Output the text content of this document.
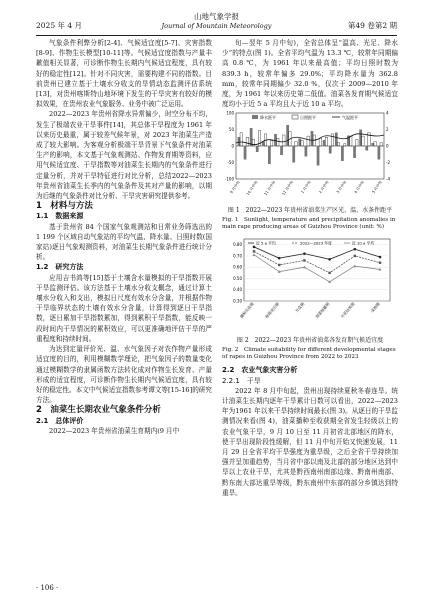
山地气象学报
Journal of Mountain Meteorology
2025 年 4 月	第49 卷第2 期

气象条件利弊分析[2-4]、气候适宜度[5-7]、灾害指数[8-9]、作物生长模型[10-11]等。气候适宜度指数与产量丰歉值相关显著，可诊断作物生长期内气候适宜程度，具有较好的稳定性[12]。针对不同灾害，需要构建不同的指数。目前贵州已建立基于土壤水分收支的旱情动态监测评估系统[13]，对贵州喀斯特山地环境下发生的干旱灾害有较好的模拟效果，在贵州农业气象服务、业务中被广泛运用。

2022—2023 年贵州省降水异常偏少，时空分布不均，发生了极端农业干旱事件[14]，其总体干旱程度为 1961 年以来历史最重，属于较差气候年景，对 2023 年油菜生产造成了较大影响。为客观分析极端干旱背景下气象条件对油菜生产的影响，本文基于气象观测站、作物发育期等资料，应用气候适宜度、干旱指数等对油菜生长期内的气象条件进行定量分析，并对干旱特征进行对比分析，总结2022—2023 年贵州省油菜生长季内的气象条件及其对产量的影响，以期为后继的气象条件对比分析、干旱灾害研究提供参考。

1　材料与方法

1.1　数据来源

基于贵州省 84 个国家气象观测站和日常业务筛选出的 1 199 个区域自动气象站的平均气温、降水量、日照时数(国家站)逐日气象观测资料，对油菜生长期气象条件进行统计分析。

1.2　研究方法

应用吉书鸿等[15]基于土壤含水量模拟的干旱指数开展干旱监测评估。该方法基于土壤水分收支概念，通过计算土壤水分收入和支出，模拟日尺度有效水分含量，并根据作物干旱临界状态的土壤有效水分含量，计算得到逐日干旱指数，逐日累加干旱指数累加，得到累积干旱指数，能反映一段时间内干旱情况的累积效应，可以更准确地评估干旱的严重程度和持续时间。

为达到定量评价光、温、水气象因子对农作物产量形成适宜度的目的，利用模糊数学理论，把气象因子的数量变化通过模糊数学的隶属函数方法转化成对作物生长发育、产量形成的适宜程度，可诊断作物生长期内气候适宜度，具有较好的稳定性。本文中气候适宜指数参考谭文等[15-16]的研究方法。

2　油菜生长期农业气象条件分析

2.1　总体评价

2022—2023 年贵州省油菜生育期内(9 月中

旬—翌年 5 月中旬)，全省总体呈“温高、光足、降水少”的特点(图 1)。全省平均气温为 13.3 ℃，较常年同期偏高 0.8 ℃，为 1961 年以来最高值；平均日照时数为 839.3 h，较常年偏多 29.0%；平均降水量为 362.8 mm，较常年同期偏少 32.0 %，仅次于 2009—2010 年度，为 1961 年以来历史第二低值。油菜各发育期气候适宜度均小于近 5 a 平均且大于近 10 a 平均。

100
50
0
-50
-100
4
2
0
-2
-4
9 月中旬 10 月中旬 11 月中旬 12 月中旬 1 月中旬 2 月中旬 3 月中旬 4 月中旬 5 月中旬
降水距平	日照距平	气温距平
图 1　2022—2023 年贵州省油菜生产区光、温、水条件距平
Fig. 1　Sunlight, temperature and precipitation anomalies in main rape producing areas of Guizhou Province (unit: %)
0.80
0.70
0.60
0.50
0.40
0.30
播种出苗期 移栽成活期	开盘期 现蕾抽薹期 开花结荚期	成熟期
近 5 a 平均	2022—2023 年度	近 10 a 平均
图 2　2022—2023 年贵州省油菜各发育期气候适宜度
Fig. 2　Climate suitability for different developmental stages of rapes in Guizhou Province from 2022 to 2023

2.2　农业气象灾害分析

2.2.1　干旱

2022 年 8 月中旬起，贵州出现持续夏秋冬春连旱。统计油菜生长期内逐年干旱累计日数可以看出，2022—2023 年为1961 年以来干旱持续时间最长(图 3)。从逐日的干旱监测情况来看(图 4)，油菜播种至收获期全省发生轻级以上的农业气象干旱，9 月 10 日至 11 月初省北部地区的降水，使干旱出现阶段性缓解，但 11 月中旬开始又快速发展，11 月 29 日全省平均干旱强度为重旱级，之后全省干旱持续加强并呈加重趋势，当月省中部以南及北部的部分地区达到中旱以上农业干旱，尤其是黔西南州南部边缘、黔南州南部、黔东南大部达重旱等级，黔东南州中东部的部分乡镇达到特重旱。

· 106 ·
